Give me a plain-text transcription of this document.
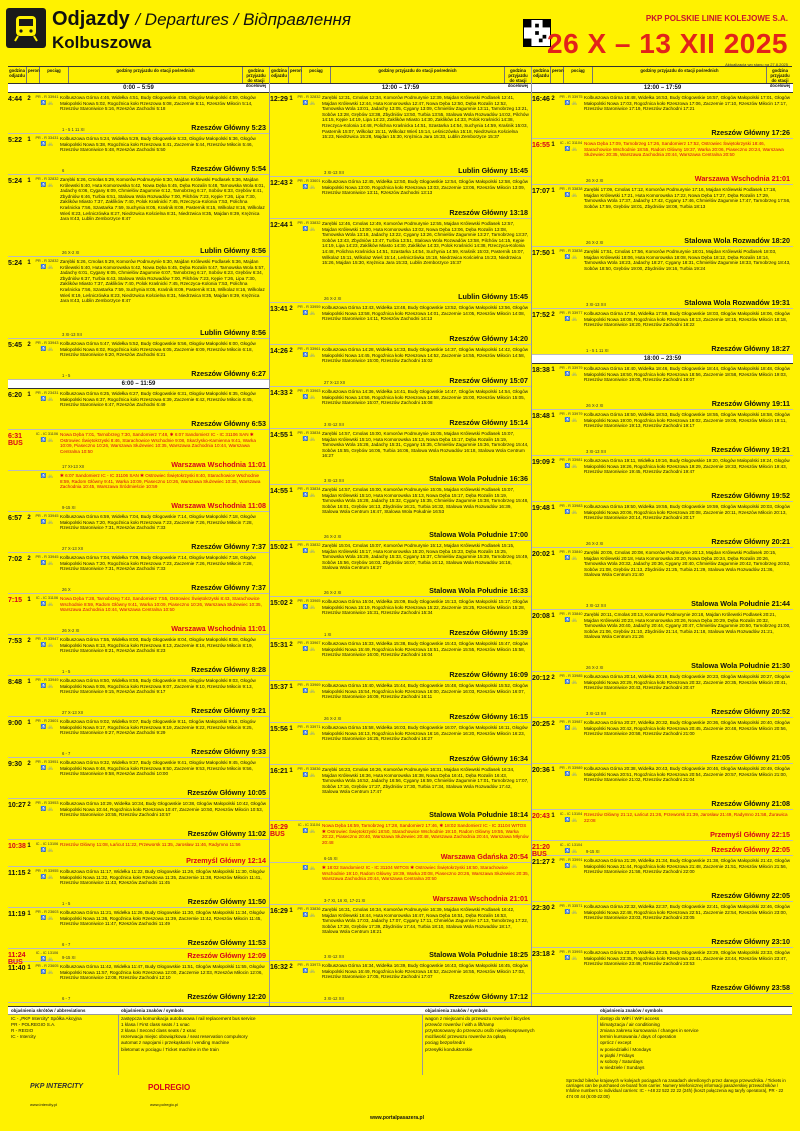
Odjazdy / Departures / Відправлення
Kolbuszowa
PKP POLSKIE LINIE KOLEJOWE S.A.
26 X – 13 XII 2025
Aktualizacja wg stanu na 27.8.2025
godzina odjazdu
peron	pociąg	godziny przyjazdu do stacji pośrednich	godzina przyjazdu do stacji docelowej
0:00 – 5:59
4:44 2	PR - R 33941
♿ 🚲
Kolbuszowa Górna 4:46, Widełka 4:51, Budy Głogowskie 4:55, Głogów Małopolski 4:59, Głogów Małopolski Nowa 5:02, Rogoźnica koło Rzeszowa 5:08, Zaczernie 5:11, Rzeszów Miłocin 5:14, Rzeszów Staroniwice 5:16, Rzeszów Zachodni 5:18
Rzeszów Główny 5:23
1 - 5 1 11 XI
5:22 1	PR - R 33431
♿ 🚲
Kolbuszowa Górna 5:24, Widełka 5:29, Budy Głogowskie 5:33, Głogów Małopolski 5:36, Głogów Małopolski Nowa 5:38, Rogoźnica koło Rzeszowa 5:41, Zaczernie 5:44, Rzeszów Miłocin 5:46, Rzeszów Staroniwice 5:48, Rzeszów Zachodni 5:50
Rzeszów Główny 5:54
6
5:24 1	PR - R 32832
♿ 🚲
Zarębki 5:26, Cmolas 5:29, Komorów Podmurynie 5:30, Majdan Królewski Podlasek 5:36, Majdan Królewski 5:40, Huta Komorowska 5:42, Nowa Dęba 5:45, Dęba Rozalin 5:48, Tarnowska Wola 6:01, Jadachy 6:06, Cygany 6:09, Chmielów Zagumnie 6:12, Tarnobrzeg 6:17, Sobów 6:33, Grębów 6:41, Zbydniów 6:46, Turbia 6:51, Stalowa Wola Rozwadów 7:00, Pilchów 7:23, Kępie 7:26, Lipa 7:30, Zaklików Miasto 7:37, Zaklików 7:40, Polok Kraśnicki 7:45, Rzeczyca-Kolonia 7:53, Polichna Kraśnicka 7:56, Szastarka 7:59, Suchynia 8:05, Kraśnik 8:09, Pasternik 8:15, Wilkolaz 8:16, Wilkolaz Wieś 8:23, Leśniczówka 8:27, Niedrzwica Kościelna 8:31, Niedrzwica 8:35, Majdan 8:39, Krężnica Jara 8:43, Lublin Zemborzyce 8:47
Lublin Główny 8:56
26 X-2 XI
5:24 1	PR - R 32832
♿ 🚲
Zarębki 5:26, Cmolas 5:29, Komorów Podmurynie 5:30, Majdan Królewski Podlasek 5:36, Majdan Królewski 5:40, Huta Komorowska 5:42, Nowa Dęba 5:45, Dęba Rozalin 5:47, Tarnowska Wola 5:57, Jadachy 6:01, Cygany 6:05, Chmielów Zagumnie 6:07, Tarnobrzeg 6:17, Sobów 6:23, Grębów 6:34, Zbydniów 6:37, Turbia 6:43, Stalowa Wola Rozwadów 7:00, Pilchów 7:23, Kępie 7:26, Lipa 7:30, Zaklików Miasto 7:37, Zaklików 7:40, Polok Kraśnicki 7:45, Rzeczyca-Kolonia 7:53, Polichna Kraśnicka 7:56, Szastarka 7:59, Suchynia 8:05, Kraśnik 8:09, Pasternik 8:15, Wilkolaz 8:16, Wilkolaz Wieś 8:19, Leśniczówka 8:23, Niedrzwica Kościelna 8:31, Niedrzwica 8:35, Majdan 8:39, Krężnica Jara 8:43, Lublin Zemborzyce 8:47
Lublin Główny 8:56
3 XI-13 XII
5:45 2	PR - R 33943
♿ 🚲
Kolbuszowa Górna 5:47, Widełka 5:52, Budy Głogowskie 5:56, Głogów Małopolski 6:00, Głogów Małopolski Nowa 6:02, Rogoźnica koło Rzeszowa 6:05, Zaczernie 6:09, Rzeszów Miłocin 6:18, Rzeszów Staroniwice 6:20, Rzeszów Zachodni 6:21
Rzeszów Główny 6:27
1 - 5
6:00 – 11:59
6:20 1	PR - R 23431
♿ 🚲
Kolbuszowa Górna 6:25, Widełka 6:27, Budy Głogowskie 6:31, Głogów Małopolski 6:35, Głogów Małopolski Nowa 6:37, Rogoźnica koło Rzeszowa 6:39, Zaczernie 6:42, Rzeszów Miłocin 6:45, Rzeszów Staroniwice 6:47, Rzeszów Zachodni 6:49
Rzeszów Główny 6:53
6:31 BUS
IC - IC 31106
♿ 🚲
Nowa Dęba 7:01, Tarnobrzeg 7:30, Sandomierz 7:48, ✱ 6:07 Sandomierz IC - IC 31106 SAN ✱ Ostrowiec Świętokrzyski 8:46, Starachowice Wschodnie 9:08, Skarżysko-Kamienna 9:41, Warka 10:09, Piaseczno 10:26, Warszawa Służewiec 10:35, Warszawa Zachodnia 10:44, Warszawa Centralna 10:50
Warszawa Wschodnia 11:01
17 XI-13 XII
♿ 🚲	✱ 6:07 Sandomierz IC - IC 31106 SAN ✱ Ostrowiec Świętokrzyski 8:40, Starachowice Wschodnie 8:59, Radom Główny 9:41, Warka 10:09, Piaseczno 10:26, Warszawa Służewiec 10:35, Warszawa Zachodnia 10:45, Warszawa Śródmieście 10:59
Warszawa Wschodnia 11:08
9-15 XI
6:57 2	PR - R 33945
♿ 🚲
Kolbuszowa Górna 6:59, Widełka 7:04, Budy Głogowskie 7:14, Głogów Małopolski 7:18, Głogów Małopolski Nowa 7:20, Rogoźnica koło Rzeszowa 7:23, Zaczernie 7:26, Rzeszów Miłocin 7:28, Rzeszów Staroniwice 7:31, Rzeszów Zachodni 7:33
Rzeszów Główny 7:37
27 X-13 XII
7:02 2	PR - R 33945
♿ 🚲
Kolbuszowa Górna 7:04, Widełka 7:09, Budy Głogowskie 7:14, Głogów Małopolski 7:18, Głogów Małopolski Nowa 7:20, Rogoźnica koło Rzeszowa 7:23, Zaczernie 7:26, Rzeszów Miłocin 7:28, Rzeszów Staroniwice 7:31, Rzeszów Zachodni 7:33
Rzeszów Główny 7:37
26 X
7:15 1	IC - IC 31106
♿ 🚲
Nowa Dęba 7:28, Tarnobrzeg 7:42, Sandomierz 7:55, Ostrowiec Świętokrzyski 8:43, Starachowice Wschodnie 8:59, Radom Główny 9:41, Warka 10:09, Piaseczno 10:26, Warszawa Służewiec 10:35, Warszawa Zachodnia 10:44, Warszawa Centralna 10:50
Warszawa Wschodnia 11:01
26 X-2 XI
7:53 2	PR - R 33947
♿ 🚲
Kolbuszowa Górna 7:55, Widełka 8:00, Budy Głogowskie 8:04, Głogów Małopolski 8:08, Głogów Małopolski Nowa 8:13, Rogoźnica koło Rzeszowa 8:13, Zaczernie 8:16, Rzeszów Miłocin 8:19, Rzeszów Staroniwice 8:21, Rzeszów Zachodni 8:23
Rzeszów Główny 8:28
1 - 5
8:48 1	PR - R 33949
♿ 🚲
Kolbuszowa Górna 8:50, Widełka 8:55, Budy Głogowskie 8:59, Głogów Małopolski 9:03, Głogów Małopolski Nowa 9:05, Rogoźnica koło Rzeszowa 9:07, Zaczernie 9:10, Rzeszów Miłocin 9:13, Rzeszów Staroniwice 9:15, Rzeszów Zachodni 9:17
Rzeszów Główny 9:21
27 X-13 XII
9:00 1	PR - R 23601
♿ 🚲
Kolbuszowa Górna 9:02, Widełka 9:07, Budy Głogowskie 9:11, Głogów Małopolski 9:15, Głogów Małopolski Nowa 9:17, Rogoźnica koło Rzeszowa 9:19, Zaczernie 9:22, Rzeszów Miłocin 9:25, Rzeszów Staroniwice 9:27, Rzeszów Zachodni 9:29
Rzeszów Główny 9:33
6 - 7
9:30 2	PR - R 33951
♿ 🚲
Kolbuszowa Górna 9:32, Widełka 9:37, Budy Głogowskie 9:41, Głogów Małopolski 9:45, Głogów Małopolski Nowa 9:48, Rogoźnica koło Rzeszowa 9:50, Zaczernie 9:53, Rzeszów Miłocin 9:56, Rzeszów Staroniwice 9:58, Rzeszów Zachodni 10:00
Rzeszów Główny 10:05
10:27 2	PR - R 33953
♿ 🚲
Kolbuszowa Górna 10:29, Widełka 10:34, Budy Głogowskie 10:38, Głogów Małopolski 10:42, Głogów Małopolski Nowa 10:44, Rogoźnica koło Rzeszowa 10:47, Zaczernie 10:50, Rzeszów Miłocin 10:53, Rzeszów Staroniwice 10:55, Rzeszów Zachodni 10:57
Rzeszów Główny 11:02
10:38 1	IC - IC 13106
♿ 🚲
Rzeszów Główny 11:08, Łańcut 11:22, Przeworsk 11:35, Jarosław 11:46, Radymno 11:56
Przemyśl Główny 12:14
11:15 2	PR - R 33955
♿ 🚲
Kolbuszowa Górna 11:17, Widełka 11:22, Budy Głogowskie 11:26, Głogów Małopolski 11:30, Głogów Małopolski Nowa 11:32, Rogoźnica koło Rzeszowa 11:35, Zaczernie 11:38, Rzeszów Miłocin 11:41, Rzeszów Staroniwice 11:43, Rzeszów Zachodni 11:45
Rzeszów Główny 11:50
1 - 5
11:19 1	PR - R 23603
♿ 🚲
Kolbuszowa Górna 11:21, Widełka 11:26, Budy Głogowskie 11:30, Głogów Małopolski 11:34, Głogów Małopolski Nowa 11:36, Rogoźnica koło Rzeszowa 11:39, Zaczernie 11:42, Rzeszów Miłocin 11:45, Rzeszów Staroniwice 11:47, Rzeszów Zachodni 11:49
Rzeszów Główny 11:53
6 - 7
11:24 BUS
IC - IC 13106
♿ 🚲	Rzeszów Główny 12:09
9-15 XI
11:40 1	PR - R 23605
♿ 🚲
Kolbuszowa Górna 11:42, Widełka 11:47, Budy Głogowskie 11:51, Głogów Małopolski 11:55, Głogów Małopolski Nowa 11:57, Rogoźnica koło Rzeszowa 12:00, Zaczernie 12:03, Rzeszów Miłocin 12:06, Rzeszów Staroniwice 12:08, Rzeszów Zachodni 12:10
Rzeszów Główny 12:20
6 - 7
godzina odjazdu
peron	pociąg	godziny przyjazdu do stacji pośrednich	godzina przyjazdu do stacji docelowej
12:00 – 17:59
12:29 1	PR - R 32832
♿ 🚲
Zarębki 12:31, Cmolas 12:34, Komorów Podmurynie 12:39, Majdan Królewski Podlasek 12:41, Majdan Królewski 12:44, Huta Komorowska 12:47, Nowa Dęba 12:50, Dęba Rozalin 12:52, Tarnowska Wola 13:01, Jadachy 13:05, Cygany 13:09, Chmielów Zagumnie 13:11, Tarnobrzeg 13:21, Sobów 13:28, Grębów 13:38, Zbydniów 13:50, Turbia 13:55, Stalowa Wola Rozwadów 14:02, Pilchów 14:15, Kępie 14:19, Lipa 14:23, Zaklików Miasto 14:30, Zaklików 14:33, Polok Kraśnicki 14:38, Rzeczyca-Kolonia 14:48, Polichna Kraśnicka 14:51, Szastarka 14:54, Suchynia 14:59, Kraśnik 15:03, Pasternik 15:07, Wilkolaz 15:11, Wilkolaz Wieś 15:14, Leśniczówka 15:18, Niedrzwica Kościelna 15:23, Niedrzwica 15:28, Majdan 15:30, Krężnica Jara 15:33, Lublin Zemborzyce 15:37
Lublin Główny 15:45
3 XI-13 XII
12:43 2	PR - R 33601
♿ 🚲
Kolbuszowa Górna 12:45, Widełka 12:50, Budy Głogowskie 12:54, Głogów Małopolski 12:58, Głogów Małopolski Nowa 13:00, Rogoźnica koło Rzeszowa 13:03, Zaczernie 13:06, Rzeszów Miłocin 13:09, Rzeszów Staroniwice 13:11, Rzeszów Zachodni 13:13
Rzeszów Główny 13:18
12:44 1	PR - R 33832
♿ 🚲
Zarębki 12:46, Cmolas 12:49, Komorów Podmurynie 12:55, Majdan Królewski Podlasek 12:57, Majdan Królewski 13:00, Huta Komorowska 13:02, Nowa Dęba 13:06, Dęba Rozalin 13:08, Tarnowska Wola 13:18, Jadachy 13:22, Cygany 13:26, Chmielów Zagumnie 13:27, Tarnobrzeg 13:37, Sobów 13:43, Zbydniów 13:47, Turbia 13:51, Stalowa Wola Rozwadów 13:58, Pilchów 14:15, Kępie 14:19, Lipa 14:23, Zaklików Miasto 14:30, Zaklików 14:33, Polok Kraśnicki 14:38, Rzeczyca-Kolonia 14:48, Polichna Kraśnicka 14:51, Szastarka 14:54, Suchynia 14:59, Kraśnik 15:03, Pasternik 15:07, Wilkolaz 15:11, Wilkolaz Wieś 15:14, Leśniczówka 15:18, Niedrzwica Kościelna 15:23, Niedrzwica 15:26, Majdan 15:30, Krężnica Jara 15:33, Lublin Zemborzyce 15:37
Lublin Główny 15:45
26 X-2 XI
13:41 2	PR - R 33959
♿ 🚲
Kolbuszowa Górna 13:43, Widełka 13:48, Budy Głogowskie 13:52, Głogów Małopolski 13:56, Głogów Małopolski Nowa 13:58, Rogoźnica koło Rzeszowa 14:01, Zaczernie 14:05, Rzeszów Miłocin 14:08, Rzeszów Staroniwice 14:11, Rzeszów Zachodni 14:13
Rzeszów Główny 14:20
14:26 2	PR - R 33961
♿ 🚲
Kolbuszowa Górna 14:28, Widełka 14:33, Budy Głogowskie 14:37, Głogów Małopolski 14:42, Głogów Małopolski Nowa 14:45, Rogoźnica koło Rzeszowa 14:52, Zaczernie 14:55, Rzeszów Miłocin 14:58, Rzeszów Staroniwice 15:00, Rzeszów Zachodni 15:02
Rzeszów Główny 15:07
27 X-13 XII
14:33 2	PR - R 33963
♿ 🚲
Kolbuszowa Górna 14:36, Widełka 14:41, Budy Głogowskie 14:47, Głogów Małopolski 14:54, Głogów Małopolski Nowa 14:56, Rogoźnica koło Rzeszowa 14:58, Zaczernie 15:00, Rzeszów Miłocin 15:05, Rzeszów Staroniwice 15:07, Rzeszów Zachodni 15:08
Rzeszów Główny 15:14
3 XI-12 XII
14:55 1	PR - R 33834
♿ 🚲
Zarębki 14:57, Cmolas 15:00, Komorów Podmurynie 15:05, Majdan Królewski Podlasek 15:07, Majdan Królewski 15:10, Huta Komorowska 15:13, Nowa Dęba 15:17, Dęba Rozalin 15:19, Tarnowska Wola 15:28, Jadachy 15:31, Cygany 15:35, Chmielów Zagumnie 15:36, Tarnobrzeg 15:44, Sobów 15:55, Grębów 16:06, Turbia 16:06, Stalowa Wola Rozwadów 16:18, Stalowa Wola Centrum 16:27
Stalowa Wola Południe 16:36
3 XI-13 XII
14:55 1	PR - R 33834
♿ 🚲
Zarębki 14:57, Cmolas 15:00, Komorów Podmurynie 15:05, Majdan Królewski Podlasek 15:07, Majdan Królewski 15:10, Huta Komorowska 15:13, Nowa Dęba 15:17, Dęba Rozalin 15:19, Tarnowska Wola 15:28, Jadachy 15:32, Cygany 15:35, Chmielów Zagumnie 15:38, Tarnobrzeg 15:48, Sobów 16:01, Grębów 16:13, Zbydniów 16:21, Turbia 16:32, Stalowa Wola Rozwadów 16:39, Stalowa Wola Centrum 16:47, Stalowa Wola Południe 16:53
Stalowa Wola Południe 17:00
26 X-2 XI
15:02 1	PR - R 33832
♿ 🚲
Zarębki 15:04, Cmolas 15:07, Komorów Podmurynie 15:12, Majdan Królewski Podlasek 15:15, Majdan Królewski 15:17, Huta Komorowska 15:20, Nowa Dęba 15:23, Dęba Rozalin 15:25, Tarnowska Wola 15:29, Jadachy 15:33, Cygany 15:37, Chmielów Zagumnie 15:39, Tarnobrzeg 15:49, Sobów 15:56, Grębów 16:03, Zbydniów 16:07, Turbia 16:12, Stalowa Wola Rozwadów 16:18, Stalowa Wola Centrum 16:27
Stalowa Wola Południe 16:33
26 X-2 XI
15:02 2	PR - R 33965
♿ 🚲
Kolbuszowa Górna 15:04, Widełka 15:09, Budy Głogowskie 15:13, Głogów Małopolski 15:17, Głogów Małopolski Nowa 15:19, Rogoźnica koło Rzeszowa 15:22, Zaczernie 15:25, Rzeszów Miłocin 15:28, Rzeszów Staroniwice 15:31, Rzeszów Zachodni 15:34
Rzeszów Główny 15:39
1 XI
15:31 2	PR - R 33967
♿ 🚲
Kolbuszowa Górna 15:33, Widełka 15:38, Budy Głogowskie 15:43, Głogów Małopolski 15:47, Głogów Małopolski Nowa 15:49, Rogoźnica koło Rzeszowa 15:51, Zaczernie 15:55, Rzeszów Miłocin 15:58, Rzeszów Staroniwice 16:00, Rzeszów Zachodni 16:04
Rzeszów Główny 16:09
15:37 1	PR - R 33969
♿ 🚲
Kolbuszowa Górna 15:40, Widełka 15:44, Budy Głogowskie 15:48, Głogów Małopolski 15:52, Głogów Małopolski Nowa 15:54, Rogoźnica koło Rzeszowa 16:00, Zaczernie 16:03, Rzeszów Miłocin 16:07, Rzeszów Staroniwice 16:09, Rzeszów Zachodni 16:11
Rzeszów Główny 16:15
26 X-2 XI
15:56 1	PR - R 33971
♿ 🚲
Kolbuszowa Górna 15:58, Widełka 16:03, Budy Głogowskie 16:07, Głogów Małopolski 16:11, Głogów Małopolski Nowa 16:13, Rogoźnica koło Rzeszowa 16:16, Zaczernie 16:20, Rzeszów Miłocin 16:23, Rzeszów Staroniwice 16:25, Rzeszów Zachodni 16:27
Rzeszów Główny 16:34
16:21 1	PR - R 33836
♿ 🚲
Zarębki 16:23, Cmolas 16:26, Komorów Podmurynie 16:31, Majdan Królewski Podlasek 16:34, Majdan Królewski 16:36, Huta Komorowska 16:38, Nowa Dęba 16:41, Dęba Rozalin 16:43, Tarnowska Wola 16:52, Jadachy 16:56, Cygany 16:59, Chmielów Zagumnie 17:01, Tarnobrzeg 17:07, Sobów 17:16, Grębów 17:27, Zbydniów 17:30, Turbia 17:34, Stalowa Wola Rozwadów 17:42, Stalowa Wola Centrum 17:47
Stalowa Wola Południe 18:14
16:29 BUS
IC - IC 31104
♿ 🚲
Nowa Dęba 16:59, Tarnobrzeg 17:28, Sandomierz 17:46, ✱ 18:02 Sandomierz IC - IC 31104 WITOS ✱ Ostrowiec Świętokrzyski 18:50, Starachowice Wschodnie 19:10, Radom Główny 19:55, Warka 20:22, Piaseczno 20:40, Warszawa Służewiec 20:48, Warszawa Zachodnia 20:44, Warszawa Młynów 20:48
Warszawa Gdańska 20:54
6-15 XI
♿ 🚲	✱ 18:02 Sandomierz IC - IC 31104 WITOS ✱ Ostrowiec Świętokrzyski 18:50, Starachowice Wschodnie 19:10, Radom Główny 19:39, Warka 20:08, Piaseczno 20:26, Warszawa Służewiec 20:35, Warszawa Zachodnia 20:44, Warszawa Centralna 20:50
Warszawa Wschodnia 21:01
3-7 XI, 16 XI, 17-21 XI
16:29 1	PR - R 33836
♿ 🚲
Zarębki 16:31, Cmolas 16:34, Komorów Podmurynie 16:39, Majdan Królewski Podlasek 16:42, Majdan Królewski 16:44, Huta Komorowska 16:47, Nowa Dęba 16:51, Dęba Rozalin 16:53, Tarnowska Wola 17:03, Jadachy 17:07, Cygany 17:11, Chmielów Zagumnie 17:13, Tarnobrzeg 17:22, Sobów 17:28, Grębów 17:39, Zbydniów 17:44, Turbia 18:10, Stalowa Wola Rozwadów 18:17, Stalowa Wola Centrum 18:21
Stalowa Wola Południe 18:25
3 XI-12 XII
16:32 2	PR - R 33973
♿ 🚲
Kolbuszowa Górna 16:34, Widełka 16:39, Budy Głogowskie 16:43, Głogów Małopolski 16:45, Głogów Małopolski Nowa 16:49, Rogoźnica koło Rzeszowa 16:52, Zaczernie 16:55, Rzeszów Miłocin 17:03, Rzeszów Staroniwice 17:05, Rzeszów Zachodni 17:07
Rzeszów Główny 17:12
3 XI-12 XII
godzina odjazdu
peron	pociąg	godziny przyjazdu do stacji pośrednich	godzina przyjazdu do stacji docelowej
12:00 – 17:59
16:46 2	PR - R 33975
♿ 🚲
Kolbuszowa Górna 16:48, Widełka 16:53, Budy Głogowskie 16:57, Głogów Małopolski 17:01, Głogów Małopolski Nowa 17:03, Rogoźnica koło Rzeszowa 17:06, Zaczernie 17:10, Rzeszów Miłocin 17:17, Rzeszów Staroniwice 17:19, Rzeszów Zachodni 17:21
Rzeszów Główny 17:26
16:55 1	IC - IC 31104
♿ 🚲
Nowa Dęba 17:09, Tarnobrzeg 17:26, Sandomierz 17:52, Ostrowiec Świętokrzyski 18:46, Starachowice Wschodnie 18:55, Radom Główny 19:37, Warka 20:06, Piaseczno 20:24, Warszawa Służewiec 20:35, Warszawa Zachodnia 20:44, Warszawa Centralna 20:50
Warszawa Wschodnia 21:01
26 X-2 XI
17:07 1	PR - R 33838
♿ 🚲
Zarębki 17:09, Cmolas 17:12, Komorów Podmurynie 17:16, Majdan Królewski Podlasek 17:18, Majdan Królewski 17:21, Huta Komorowska 17:22, Nowa Dęba 17:27, Dęba Rozalin 17:29, Tarnowska Wola 17:37, Jadachy 17:42, Cygany 17:46, Chmielów Zagumnie 17:47, Tarnobrzeg 17:56, Sobów 17:59, Grębów 18:01, Zbydniów 18:08, Turbia 18:13
Stalowa Wola Rozwadów 18:20
26 X-2 XI
17:50 1	PR - R 33838
♿ 🚲
Zarębki 17:51, Cmolas 17:56, Komorów Podmurynie 18:01, Majdan Królewski Podlasek 18:03, Majdan Królewski 18:06, Huta Komorowska 18:08, Nowa Dęba 18:12, Dęba Rozalin 18:14, Tarnowska Wola 18:23, Jadachy 18:27, Cygany 18:31, Chmielów Zagumnie 18:33, Tarnobrzeg 18:43, Sobów 18:50, Grębów 19:00, Zbydniów 19:16, Turbia 19:24
Stalowa Wola Rozwadów 19:31
3 XI-13 XII
17:52 2	PR - R 33977
♿ 🚲
Kolbuszowa Górna 17:54, Widełka 17:59, Budy Głogowskie 18:03, Głogów Małopolski 18:06, Głogów Małopolski Nowa 18:08, Rogoźnica koło Rzeszowa 18:13, Zaczernie 18:15, Rzeszów Miłocin 18:18, Rzeszów Staroniwice 18:20, Rzeszów Zachodni 18:22
Rzeszów Główny 18:27
1 - 5 1 11 XI
18:00 – 23:59
18:38 1	PR - R 33979
♿ 🚲
Kolbuszowa Górna 18:40, Widełka 18:46, Budy Głogowskie 18:44, Głogów Małopolski 18:48, Głogów Małopolski Nowa 18:50, Rogoźnica koło Rzeszowa 18:56, Zaczernie 18:58, Rzeszów Miłocin 19:03, Rzeszów Staroniwice 19:05, Rzeszów Zachodni 19:07
Rzeszów Główny 19:11
26 X-2 XI
18:48 1	PR - R 33979
♿ 🚲
Kolbuszowa Górna 18:50, Widełka 18:53, Budy Głogowskie 18:55, Głogów Małopolski 18:58, Głogów Małopolski Nowa 19:00, Rogoźnica koło Rzeszowa 19:02, Zaczernie 19:05, Rzeszów Miłocin 19:11, Rzeszów Staroniwice 19:13, Rzeszów Zachodni 19:17
Rzeszów Główny 19:21
3 XI-13 XII
19:09 2	PR - R 33981
♿ 🚲
Kolbuszowa Górna 19:11, Widełka 19:16, Budy Głogowskie 19:20, Głogów Małopolski 19:24, Głogów Małopolski Nowa 19:26, Rogoźnica koło Rzeszowa 19:29, Zaczernie 19:33, Rzeszów Miłocin 19:43, Rzeszów Staroniwice 19:45, Rzeszów Zachodni 19:47
Rzeszów Główny 19:52
19:48 1	PR - R 33983
♿ 🚲
Kolbuszowa Górna 19:50, Widełka 19:55, Budy Głogowskie 19:59, Głogów Małopolski 20:03, Głogów Małopolski Nowa 20:06, Rogoźnica koło Rzeszowa 20:08, Zaczernie 20:11, Rzeszów Miłocin 20:13, Rzeszów Staroniwice 20:14, Rzeszów Zachodni 20:17
Rzeszów Główny 20:21
26 X-2 XI
20:02 1	PR - R 33840
♿ 🚲
Zarębki 20:05, Cmolas 20:08, Komorów Podmurynie 20:13, Majdan Królewski Podlasek 20:15, Majdan Królewski 20:18, Huta Komorowska 20:20, Nowa Dęba 20:24, Dęba Rozalin 20:26, Tarnowska Wola 20:32, Jadachy 20:36, Cygany 20:40, Chmielów Zagumnie 20:42, Tarnobrzeg 20:52, Sobów 21:08, Grębów 21:13, Zbydniów 21:25, Turbia 21:29, Stalowa Wola Rozwadów 21:36, Stalowa Wola Centrum 21:40
Stalowa Wola Południe 21:44
3 XI-12 XII
20:08 1	PR - R 33840
♿ 🚲
Zarębki 20:11, Cmolas 20:13, Komorów Podmurynie 20:18, Majdan Królewski Podlasek 20:21, Majdan Królewski 20:23, Huta Komorowska 20:26, Nowa Dęba 20:29, Dęba Rozalin 20:32, Tarnowska Wola 20:40, Jadachy 20:44, Cygany 20:47, Chmielów Zagumnie 20:50, Tarnobrzeg 21:00, Sobów 21:06, Grębów 21:10, Zbydniów 21:14, Turbia 21:18, Stalowa Wola Rozwadów 21:21, Stalowa Wola Centrum 21:26
Stalowa Wola Południe 21:30
26 X-2 XI
20:12 2	PR - R 33985
♿ 🚲
Kolbuszowa Górna 20:14, Widełka 20:19, Budy Głogowskie 20:23, Głogów Małopolski 20:27, Głogów Małopolski Nowa 20:29, Rogoźnica koło Rzeszowa 20:32, Zaczernie 20:35, Rzeszów Miłocin 20:41, Rzeszów Staroniwice 20:43, Rzeszów Zachodni 20:47
Rzeszów Główny 20:52
3 XI-13 XII
20:25 2	PR - R 33987
♿ 🚲
Kolbuszowa Górna 20:27, Widełka 20:32, Budy Głogowskie 20:36, Głogów Małopolski 20:40, Głogów Małopolski Nowa 20:42, Rogoźnica koło Rzeszowa 20:45, Zaczernie 20:48, Rzeszów Miłocin 20:56, Rzeszów Staroniwice 20:58, Rzeszów Zachodni 21:00
Rzeszów Główny 21:05
20:36 1	PR - R 33989
♿ 🚲
Kolbuszowa Górna 20:38, Widełka 20:43, Budy Głogowskie 20:46, Głogów Małopolski 20:49, Głogów Małopolski Nowa 20:51, Rogoźnica koło Rzeszowa 20:54, Zaczernie 20:57, Rzeszów Miłocin 21:00, Rzeszów Staroniwice 21:02, Rzeszów Zachodni 21:04
Rzeszów Główny 21:08
20:43 1	IC - IC 13104
♿ 🚲
Rzeszów Główny 21:12, Łańcut 21:26, Przeworsk 21:39, Jarosław 21:49, Radymno 21:58, Żurawica 22:08
Przemyśl Główny 22:15
21:20 BUS
IC - IC 13104
♿ 🚲	Rzeszów Główny 22:05
9-15 XI
21:27 2	PR - R 33991
♿ 🚲
Kolbuszowa Górna 21:29, Widełka 21:34, Budy Głogowskie 21:38, Głogów Małopolski 21:42, Głogów Małopolski Nowa 21:44, Rogoźnica koło Rzeszowa 21:48, Zaczernie 21:51, Rzeszów Miłocin 21:56, Rzeszów Staroniwice 21:58, Rzeszów Zachodni 22:00
Rzeszów Główny 22:05
22:30 2	PR - R 33571
♿ 🚲
Kolbuszowa Górna 22:32, Widełka 22:37, Budy Głogowskie 22:41, Głogów Małopolski 22:46, Głogów Małopolski Nowa 22:48, Rogoźnica koło Rzeszowa 22:51, Zaczernie 22:54, Rzeszów Miłocin 23:00, Rzeszów Staroniwice 23:03, Rzeszów Zachodni 23:05
Rzeszów Główny 23:10
23:18 2	PR - R 33993
♿ 🚲
Kolbuszowa Górna 23:20, Widełka 23:25, Budy Głogowskie 23:29, Głogów Małopolski 23:33, Głogów Małopolski Nowa 23:35, Rogoźnica koło Rzeszowa 23:41, Zaczernie 23:44, Rzeszów Miłocin 23:47, Rzeszów Staroniwice 23:49, Rzeszów Zachodni 23:53
Rzeszów Główny 23:58
objaśnienia skrótów / abbreviations
IC - „PKP Intercity” Spółka Akcyjna
PR - POLREGIO S.A.
R - REGIO
IC - Intercity
objaśnienia znaków / symbols
zastępcza komunikacja autobusowa / rail replacement bus service
1 klasa / First class seats / 1 клас
2 klasa / Second class seats / 2 клас
rezerwacja miejsc obowiązkowa / seat reservation compulsory
automat z napojami i przekąskami / vending machine
biletomat w pociągu / Ticket machine in the train
objaśnienia znaków / symbols
wagon z miejscami do przewozu rowerów / bicycles
przewóz rowerów / with a lift/ramp
przystosowany do przewozu osób niepełnosprawnych
możliwość przewozu rowerów za opłatą
pociąg bezpośredni
przesyłki konduktorskie
objaśnienia znaków / symbols
dostęp do WiFi / WiFi access
klimatyzacja / air conditioning
zmiana zakresu kursowania / changes in service
termin kursowania / days of operation
oprócz / except
w poniedziałki / Mondays
w piątki / Fridays
w soboty / Saturdays
w niedziele / Sundays
PKP INTERCITY	POLREGIO
www.intercity.pl	www.polregio.pl
www.portalpasazera.pl
Sprzedaż biletów krajowych w kolejach pociągach na zasadach określonych przez danego przewoźnika. / Tickets in carriages can be purchased on-board from carrier. Numery telefonicznej informacji pasażerskiej przewoźników / Infoline numbers to individual carriers: IC - +48 22 522 22 22 (24h) (koszt połączenia wg taryfy operatora), PR - 22 474 00 44 (6:00-22:00)
